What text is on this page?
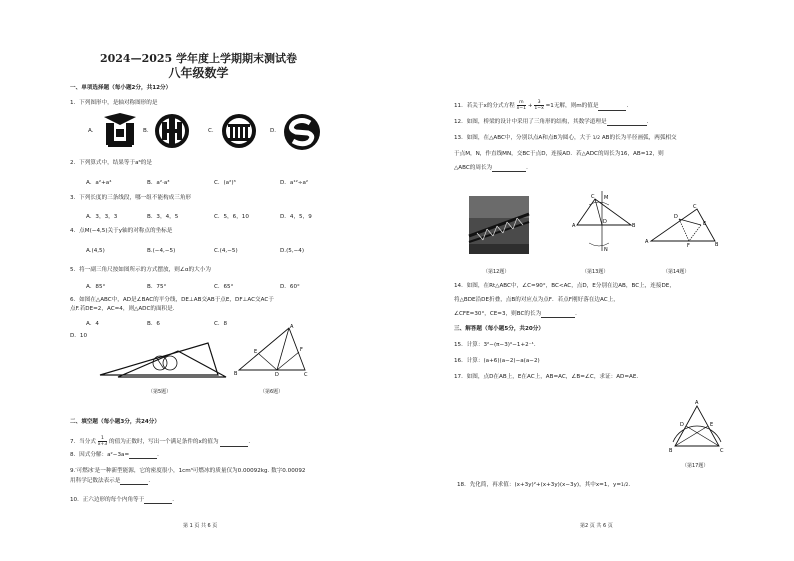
2024—2025 学年度上学期期末测试卷
八年级数学
一、单项选择题（每小题2分，共12分）
1．下列图形中，是轴对称图形的是
A.	B.	C.	D.
2．下列算式中，结果等于a⁶的是
A．a²+a⁴	B．a²·a³	C．(a²)³	D．a¹²÷a²
3．下列长度的三条线段，哪一组不能构成三角形
A．3，3，3	B．3，4，5	C．5，6，10	D．4，5，9
4．点M(−4,5)关于y轴的对称点的坐标是
A.(4,5)	B.(−4,−5)	C.(4,−5)	D.(5,−4)
5．将一副三角尺按如图所示的方式摆放，则∠α的大小为
A．85°	B．75°	C．65°	D．60°
6．如图在△ABC中，AD是∠BAC的平分线，DE⊥AB交AB于点E，DF⊥AC交AC于
点F.若DE=2，AC=4，则△ADC的面积是．
A．4	B．6	C．8
D．10
（第5题）
A
E	F
B	D	C
（第6题）
二、填空题（每小题3分，共24分）
7．当分式 $\frac{1}{x+3}$ 的值为正数时，写出一个满足条件的x的值为	．
8．因式分解：a²−3a=	．
9.′可燃冰′是一种新型能源，它的密度很小，1cm³可燃冰的质量仅为0.00092kg. 数字0.00092
用科学记数法表示是	．
10．正六边形的每个内角等于	．
第 1 页 共 6 页
11．若关于x的分式方程 $\frac{m}{x-1} + \frac{3}{1-x} =1$无解，则m的值是	．
12．如图，桥梁的设计中采用了三角形的结构，其数学道理是	．
13．如图，在△ABC中，分别以点A和点B为圆心，大于 1/2 AB的长为半径画弧，两弧相交
于点M，N，作直线MN，交BC于点D，连接AD．若△ADC的周长为16，AB=12，则
△ABC的周长为	．
（第12题）
A
M
N
D
B
C
（第13题）
A
D
C
E
F	B
（第14题）
14．如图，在Rt△ABC中，∠C=90°，BC<AC，点D，E分别在边AB，BC上，连接DE，
将△BDE沿DE折叠，点B的对应点为点F．若点F刚好落在边AC上，
∠CFE=30°，CE=3，则BC的长为	．
三、解答题（每小题5分，共20分）
15．计算：3²−(π−3)⁰−1+2⁻¹．
16．计算：(a+6)(a−2)−a(a−2)
17．如图，点D在AB上，E在AC上，AB=AC，∠B=∠C，求证：AD=AE．
A
D	E
B	C
（第17题）
18．先化简，再求值：(x+3y)²+(x+3y)(x−3y)，其中x=1，y=1/2．
第2 页 共 6 页
